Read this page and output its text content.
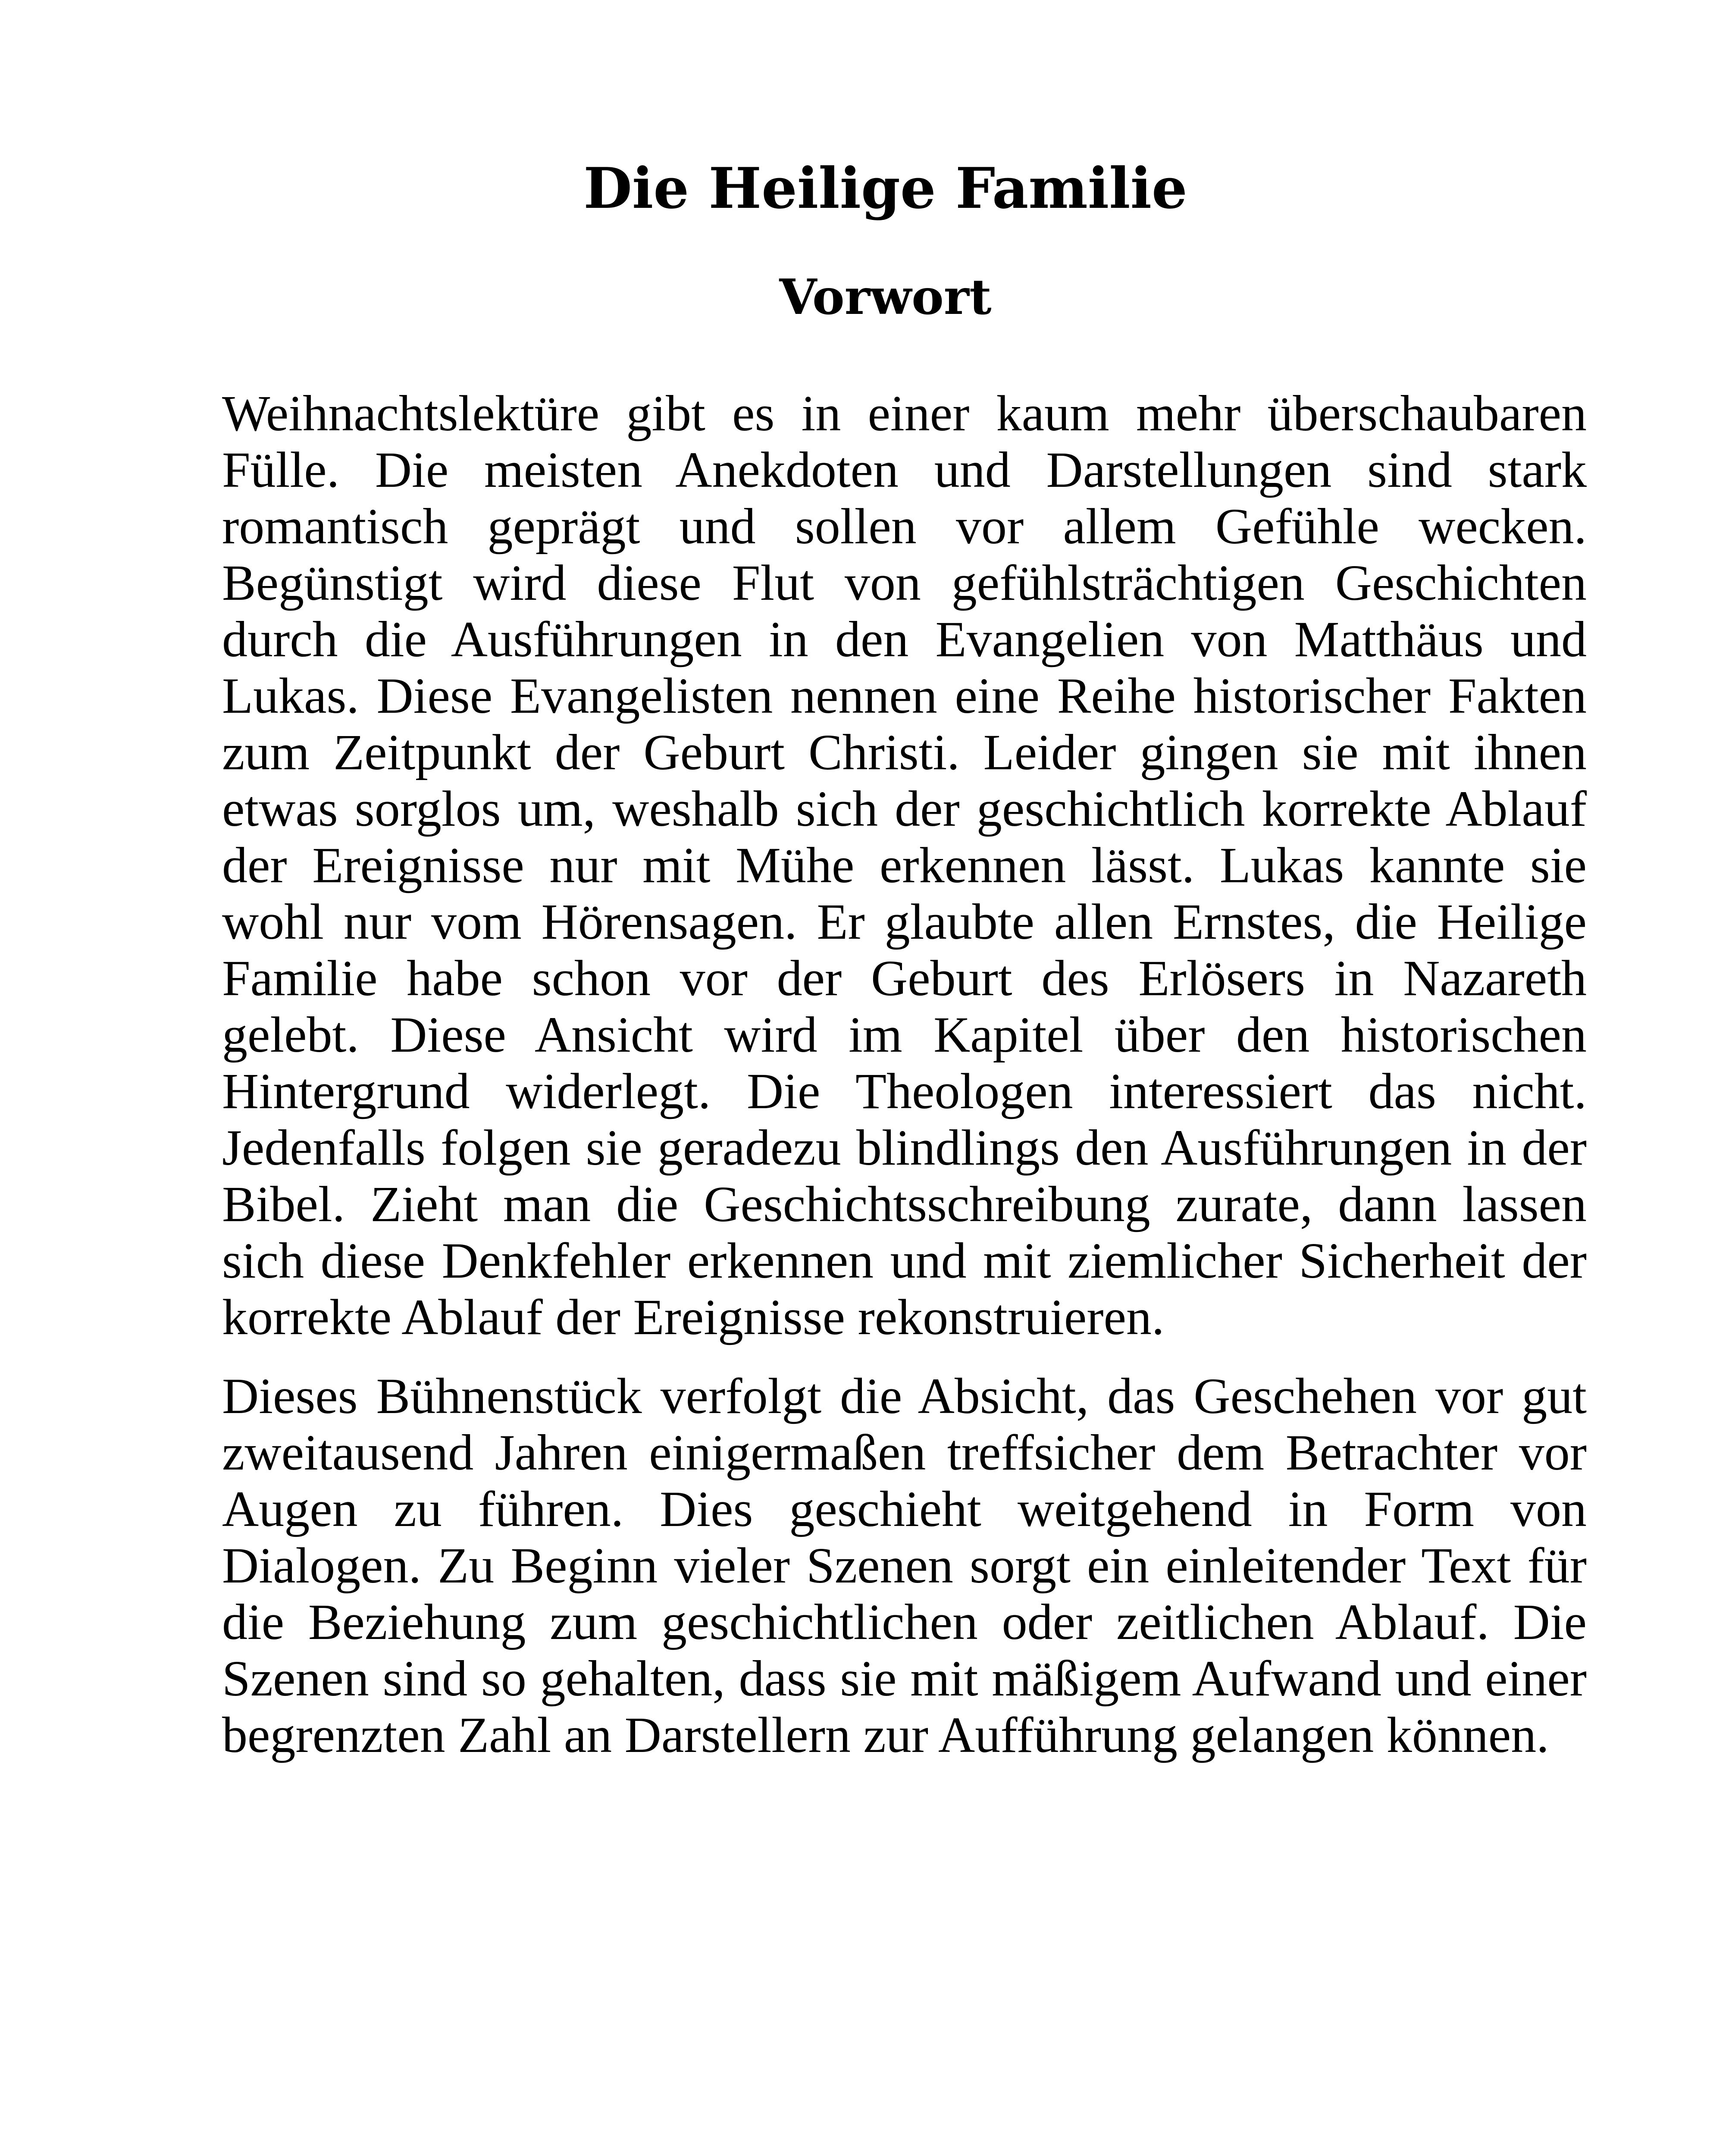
Die Heilige Familie
Vorwort

Weihnachtslektüre gibt es in einer kaum mehr überschaubaren Fülle. Die meisten Anekdoten und Darstellungen sind stark romantisch geprägt und sollen vor allem Gefühle wecken. Begünstigt wird diese Flut von gefühlsträchtigen Geschichten durch die Ausführungen in den Evangelien von Matthäus und Lukas. Diese Evangelisten nennen eine Reihe historischer Fakten zum Zeitpunkt der Geburt Christi. Leider gingen sie mit ihnen etwas sorglos um, weshalb sich der geschichtlich korrekte Ablauf der Ereignisse nur mit Mühe erkennen lässt. Lukas kannte sie wohl nur vom Hörensagen. Er glaubte allen Ernstes, die Heilige Familie habe schon vor der Geburt des Erlösers in Nazareth gelebt. Diese Ansicht wird im Kapitel über den historischen Hintergrund widerlegt. Die Theologen interessiert das nicht. Jedenfalls folgen sie geradezu blindlings den Ausführungen in der Bibel. Zieht man die Geschichtsschreibung zurate, dann lassen sich diese Denkfehler erkennen und mit ziemlicher Sicherheit der korrekte Ablauf der Ereignisse rekonstruieren.

Dieses Bühnenstück verfolgt die Absicht, das Geschehen vor gut zweitausend Jahren einigermaßen treffsicher dem Betrachter vor Augen zu führen. Dies geschieht weitgehend in Form von Dialogen. Zu Beginn vieler Szenen sorgt ein einleitender Text für die Beziehung zum geschichtlichen oder zeitlichen Ablauf. Die Szenen sind so gehalten, dass sie mit mäßigem Aufwand und einer begrenzten Zahl an Darstellern zur Aufführung gelangen können.
